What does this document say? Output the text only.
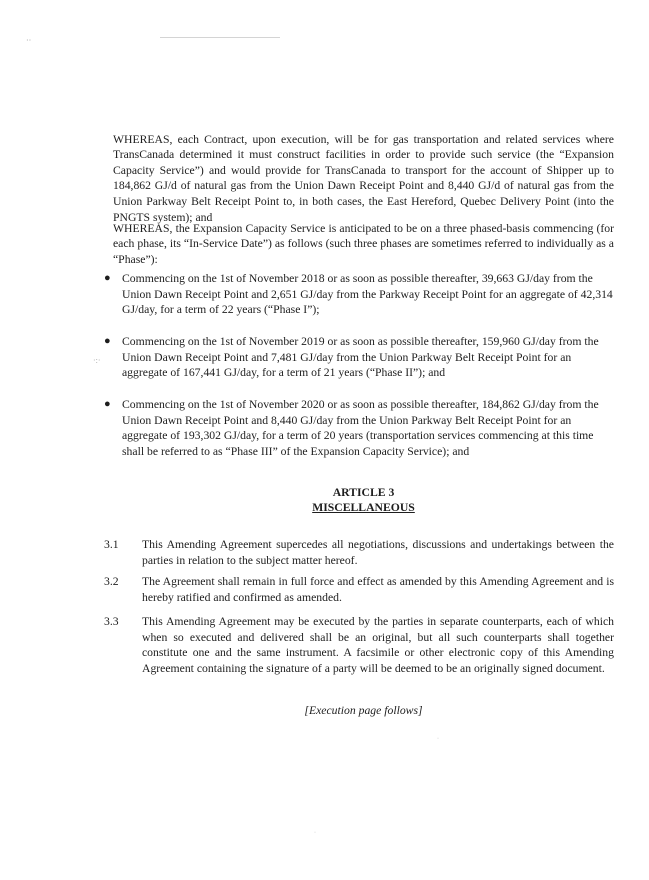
··

WHEREAS, each Contract, upon execution, will be for gas transportation and related services where TransCanada determined it must construct facilities in order to provide such service (the “Expansion Capacity Service”) and would provide for TransCanada to transport for the account of Shipper up to 184,862 GJ/d of natural gas from the Union Dawn Receipt Point and 8,440 GJ/d of natural gas from the Union Parkway Belt Receipt Point to, in both cases, the East Hereford, Quebec Delivery Point (into the PNGTS system); and

WHEREAS, the Expansion Capacity Service is anticipated to be on a three phased-basis commencing (for each phase, its “In-Service Date”) as follows (such three phases are sometimes referred to individually as a “Phase”):

● Commencing on the 1st of November 2018 or as soon as possible thereafter, 39,663 GJ/day from the Union Dawn Receipt Point and 2,651 GJ/day from the Parkway Receipt Point for an aggregate of 42,314 GJ/day, for a term of 22 years (“Phase I”);
·:·
● Commencing on the 1st of November 2019 or as soon as possible thereafter, 159,960 GJ/day from the Union Dawn Receipt Point and 7,481 GJ/day from the Union Parkway Belt Receipt Point for an aggregate of 167,441 GJ/day, for a term of 21 years (“Phase II”); and
● Commencing on the 1st of November 2020 or as soon as possible thereafter, 184,862 GJ/day from the Union Dawn Receipt Point and 8,440 GJ/day from the Union Parkway Belt Receipt Point for an aggregate of 193,302 GJ/day, for a term of 20 years (transportation services commencing at this time shall be referred to as “Phase III” of the Expansion Capacity Service); and
ARTICLE 3
MISCELLANEOUS
3.1	This Amending Agreement supercedes all negotiations, discussions and undertakings between the parties in relation to the subject matter hereof.
3.2	The Agreement shall remain in full force and effect as amended by this Amending Agreement and is hereby ratified and confirmed as amended.
3.3	This Amending Agreement may be executed by the parties in separate counterparts, each of which when so executed and delivered shall be an original, but all such counterparts shall together constitute one and the same instrument. A facsimile or other electronic copy of this Amending Agreement containing the signature of a party will be deemed to be an originally signed document.
[Execution page follows]
·
·
